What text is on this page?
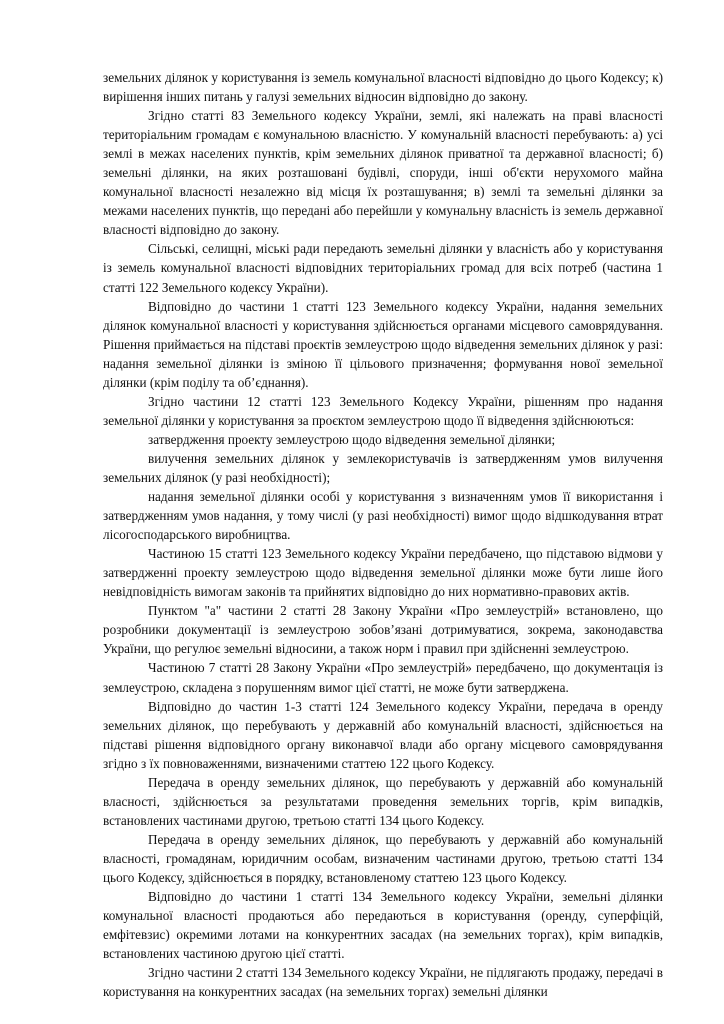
земельних ділянок у користування із земель комунальної власності відповідно до цього Кодексу; к) вирішення інших питань у галузі земельних відносин відповідно до закону.

Згідно статті 83 Земельного кодексу України, землі, які належать на праві власності територіальним громадам є комунальною власністю. У комунальній власності перебувають: а) усі землі в межах населених пунктів, крім земельних ділянок приватної та державної власності; б) земельні ділянки, на яких розташовані будівлі, споруди, інші об'єкти нерухомого майна комунальної власності незалежно від місця їх розташування; в) землі та земельні ділянки за межами населених пунктів, що передані або перейшли у комунальну власність із земель державної власності відповідно до закону.

Сільські, селищні, міські ради передають земельні ділянки у власність або у користування із земель комунальної власності відповідних територіальних громад для всіх потреб (частина 1 статті 122 Земельного кодексу України).

Відповідно до частини 1 статті 123 Земельного кодексу України, надання земельних ділянок комунальної власності у користування здійснюється органами місцевого самоврядування. Рішення приймається на підставі проєктів землеустрою щодо відведення земельних ділянок у разі: надання земельної ділянки із зміною її цільового призначення; формування нової земельної ділянки (крім поділу та об’єднання).

Згідно частини 12 статті 123 Земельного Кодексу України, рішенням про надання земельної ділянки у користування за проєктом землеустрою щодо її відведення здійснюються:

затвердження проекту землеустрою щодо відведення земельної ділянки;

вилучення земельних ділянок у землекористувачів із затвердженням умов вилучення земельних ділянок (у разі необхідності);

надання земельної ділянки особі у користування з визначенням умов її використання і затвердженням умов надання, у тому числі (у разі необхідності) вимог щодо відшкодування втрат лісогосподарського виробництва.

Частиною 15 статті 123 Земельного кодексу України передбачено, що підставою відмови у затвердженні проекту землеустрою щодо відведення земельної ділянки може бути лише його невідповідність вимогам законів та прийнятих відповідно до них нормативно-правових актів.

Пунктом "а" частини 2 статті 28 Закону України «Про землеустрій» встановлено, що розробники документації із землеустрою зобов’язані дотримуватися, зокрема, законодавства України, що регулює земельні відносини, а також норм і правил при здійсненні землеустрою.

Частиною 7 статті 28 Закону України «Про землеустрій» передбачено, що документація із землеустрою, складена з порушенням вимог цієї статті, не може бути затверджена.

Відповідно до частин 1-3 статті 124 Земельного кодексу України, передача в оренду земельних ділянок, що перебувають у державній або комунальній власності, здійснюється на підставі рішення відповідного органу виконавчої влади або органу місцевого самоврядування згідно з їх повноваженнями, визначеними статтею 122 цього Кодексу.

Передача в оренду земельних ділянок, що перебувають у державній або комунальній власності, здійснюється за результатами проведення земельних торгів, крім випадків, встановлених частинами другою, третьою статті 134 цього Кодексу.

Передача в оренду земельних ділянок, що перебувають у державній або комунальній власності, громадянам, юридичним особам, визначеним частинами другою, третьою статті 134 цього Кодексу, здійснюється в порядку, встановленому статтею 123 цього Кодексу.

Відповідно до частини 1 статті 134 Земельного кодексу України, земельні ділянки комунальної власності продаються або передаються в користування (оренду, суперфіцій, емфітевзис) окремими лотами на конкурентних засадах (на земельних торгах), крім випадків, встановлених частиною другою цієї статті.

Згідно частини 2 статті 134 Земельного кодексу України, не підлягають продажу, передачі в користування на конкурентних засадах (на земельних торгах) земельні ділянки
